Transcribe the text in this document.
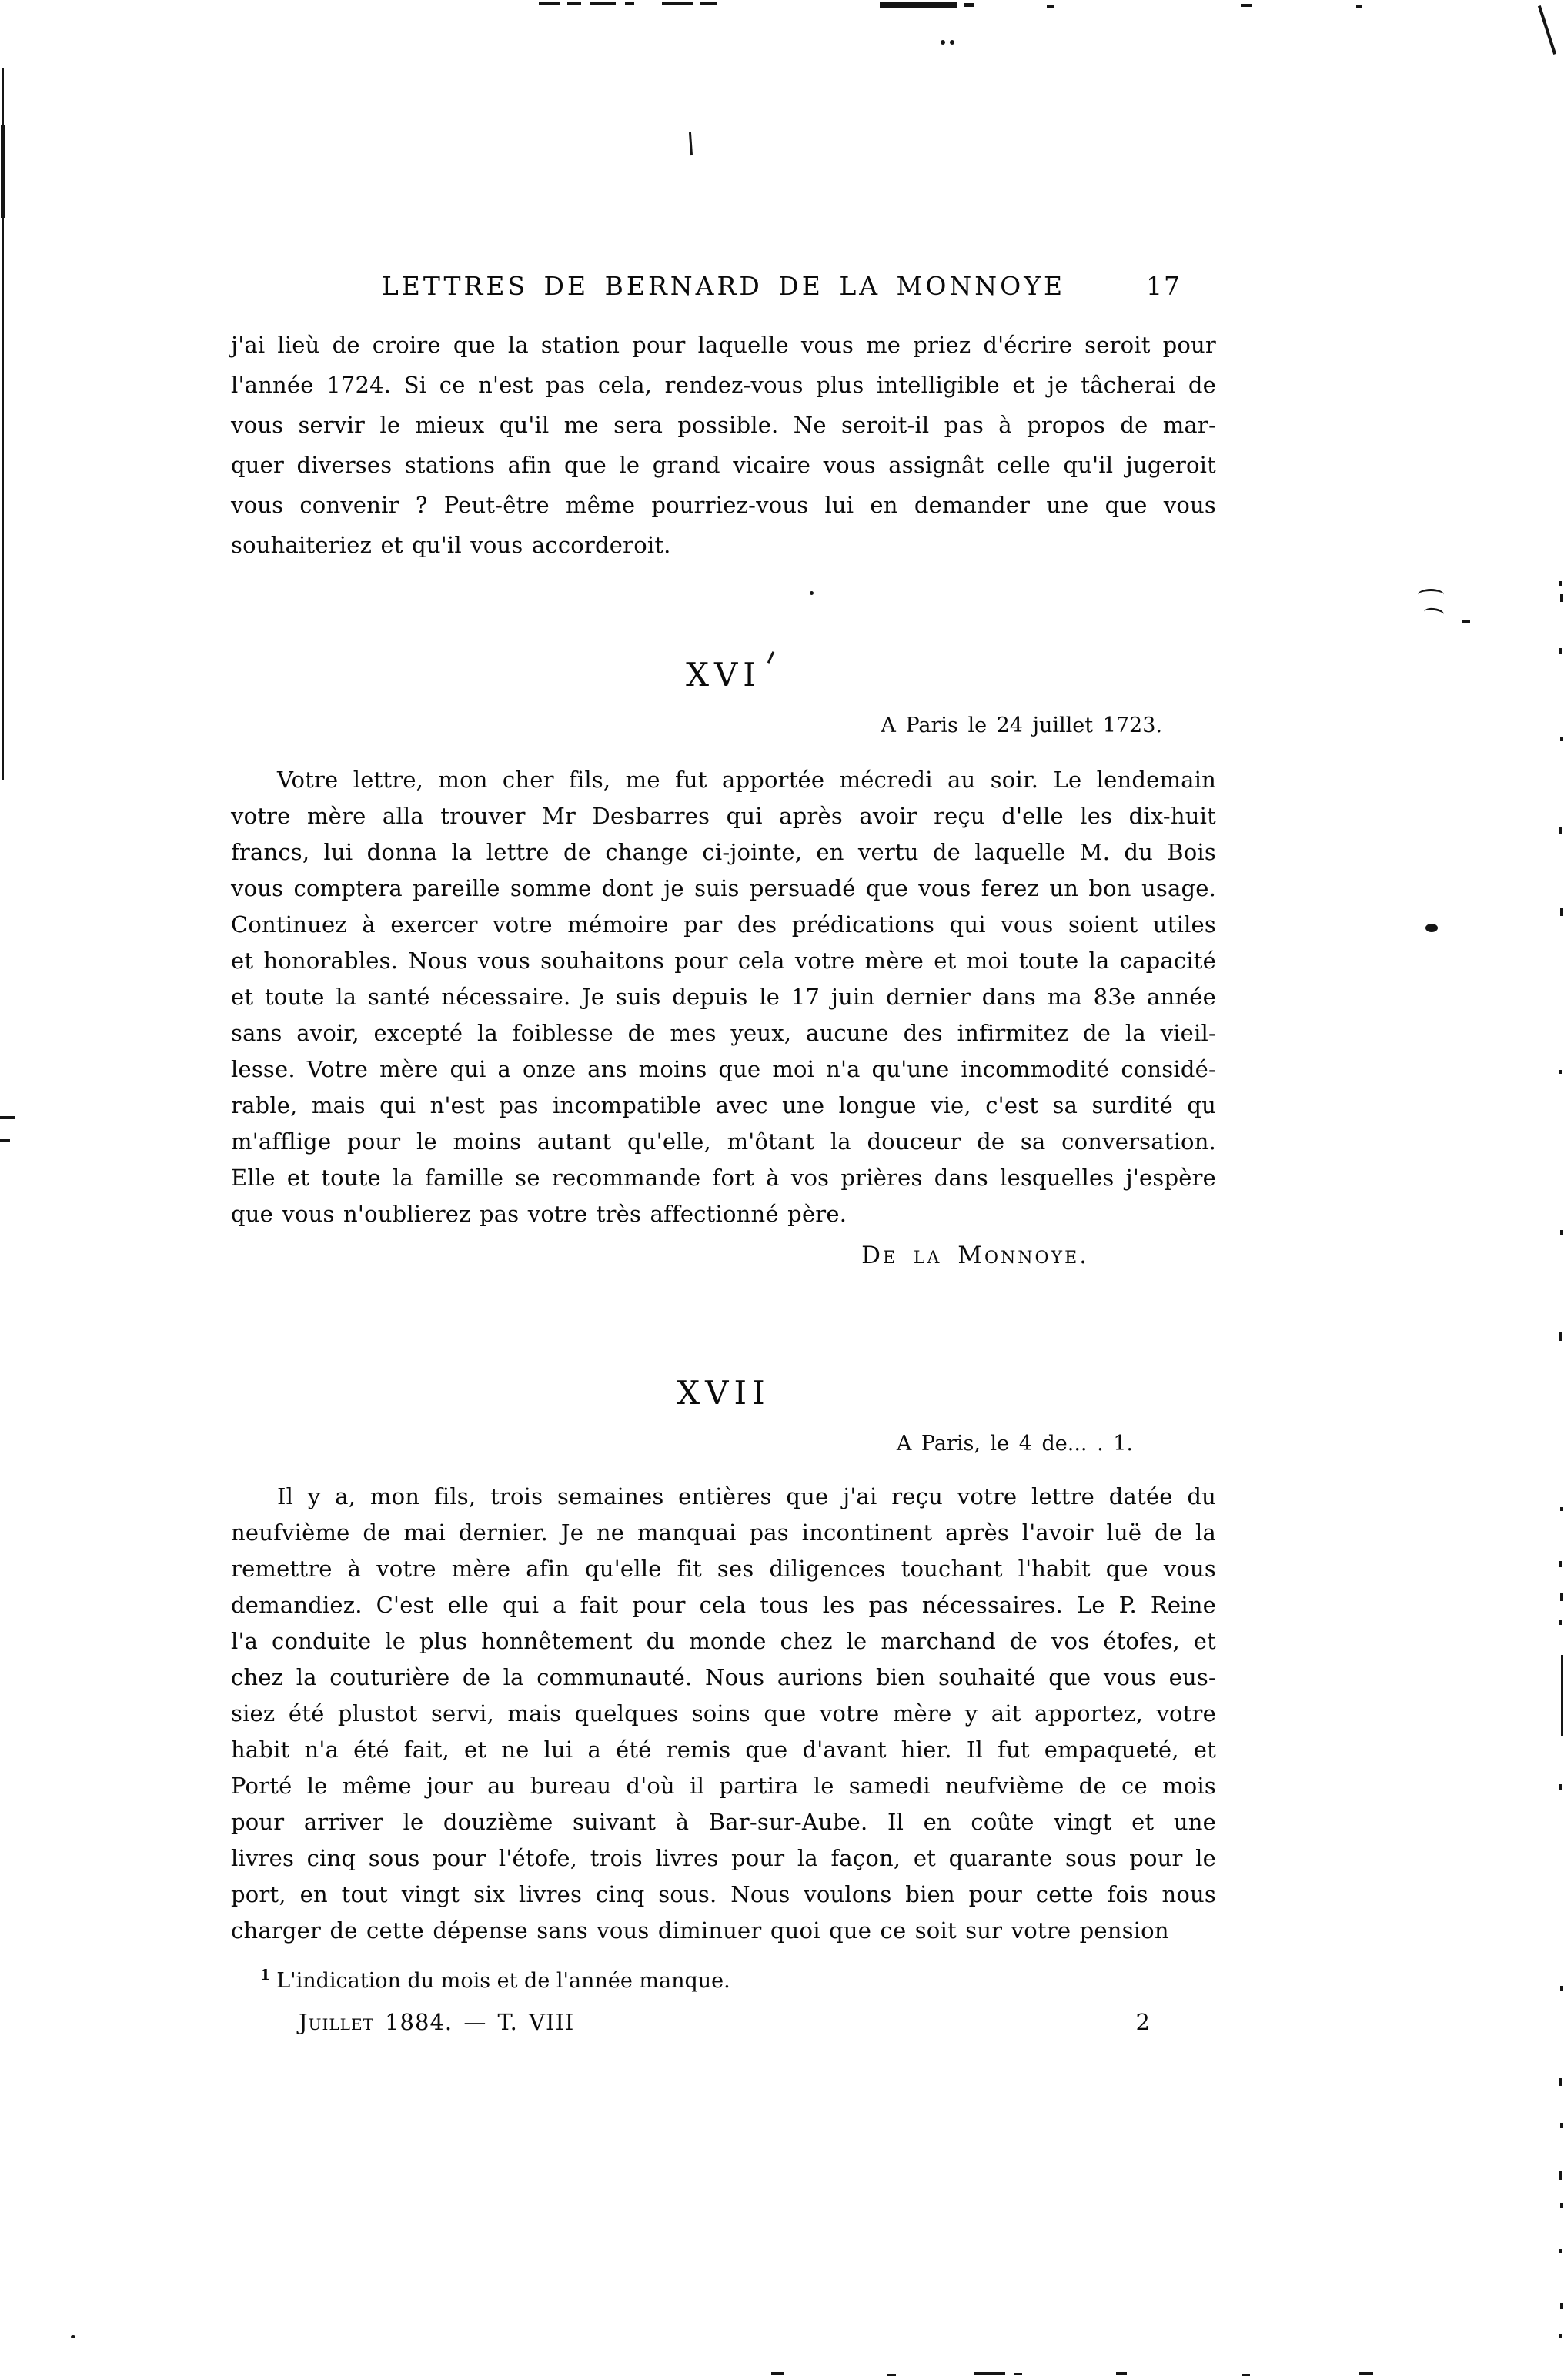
LETTRES DE BERNARD DE LA MONNOYE	17
j'ai lieù de croire que la station pour laquelle vous me priez d'écrire seroit pour
l'année 1724. Si ce n'est pas cela, rendez-vous plus intelligible et je tâcherai de
vous servir le mieux qu'il me sera possible. Ne seroit-il pas à propos de mar-
quer diverses stations afin que le grand vicaire vous assignât celle qu'il jugeroit
vous convenir ? Peut-être même pourriez-vous lui en demander une que vous
souhaiteriez et qu'il vous accorderoit.
XVI
A Paris le 24 juillet 1723.
Votre lettre, mon cher fils, me fut apportée mécredi au soir. Le lendemain
votre mère alla trouver Mr Desbarres qui après avoir reçu d'elle les dix-huit
francs, lui donna la lettre de change ci-jointe, en vertu de laquelle M. du Bois
vous comptera pareille somme dont je suis persuadé que vous ferez un bon usage.
Continuez à exercer votre mémoire par des prédications qui vous soient utiles
et honorables. Nous vous souhaitons pour cela votre mère et moi toute la capacité
et toute la santé nécessaire. Je suis depuis le 17 juin dernier dans ma 83e année
sans avoir, excepté la foiblesse de mes yeux, aucune des infirmitez de la vieil-
lesse. Votre mère qui a onze ans moins que moi n'a qu'une incommodité considé-
rable, mais qui n'est pas incompatible avec une longue vie, c'est sa surdité qu
m'afflige pour le moins autant qu'elle, m'ôtant la douceur de sa conversation.
Elle et toute la famille se recommande fort à vos prières dans lesquelles j'espère
que vous n'oublierez pas votre très affectionné père.
De la Monnoye.
XVII
A Paris, le 4 de... . 1.
Il y a, mon fils, trois semaines entières que j'ai reçu votre lettre datée du
neufvième de mai dernier. Je ne manquai pas incontinent après l'avoir luë de la
remettre à votre mère afin qu'elle fit ses diligences touchant l'habit que vous
demandiez. C'est elle qui a fait pour cela tous les pas nécessaires. Le P. Reine
l'a conduite le plus honnêtement du monde chez le marchand de vos étofes, et
chez la couturière de la communauté. Nous aurions bien souhaité que vous eus-
siez été plustot servi, mais quelques soins que votre mère y ait apportez, votre
habit n'a été fait, et ne lui a été remis que d'avant hier. Il fut empaqueté, et
Porté le même jour au bureau d'où il partira le samedi neufvième de ce mois
pour arriver le douzième suivant à Bar-sur-Aube. Il en coûte vingt et une
livres cinq sous pour l'étofe, trois livres pour la façon, et quarante sous pour le
port, en tout vingt six livres cinq sous. Nous voulons bien pour cette fois nous
charger de cette dépense sans vous diminuer quoi que ce soit sur votre pension
$^1$ L'indication du mois et de l'année manque.
Juillet 1884. — T. VIII	2
